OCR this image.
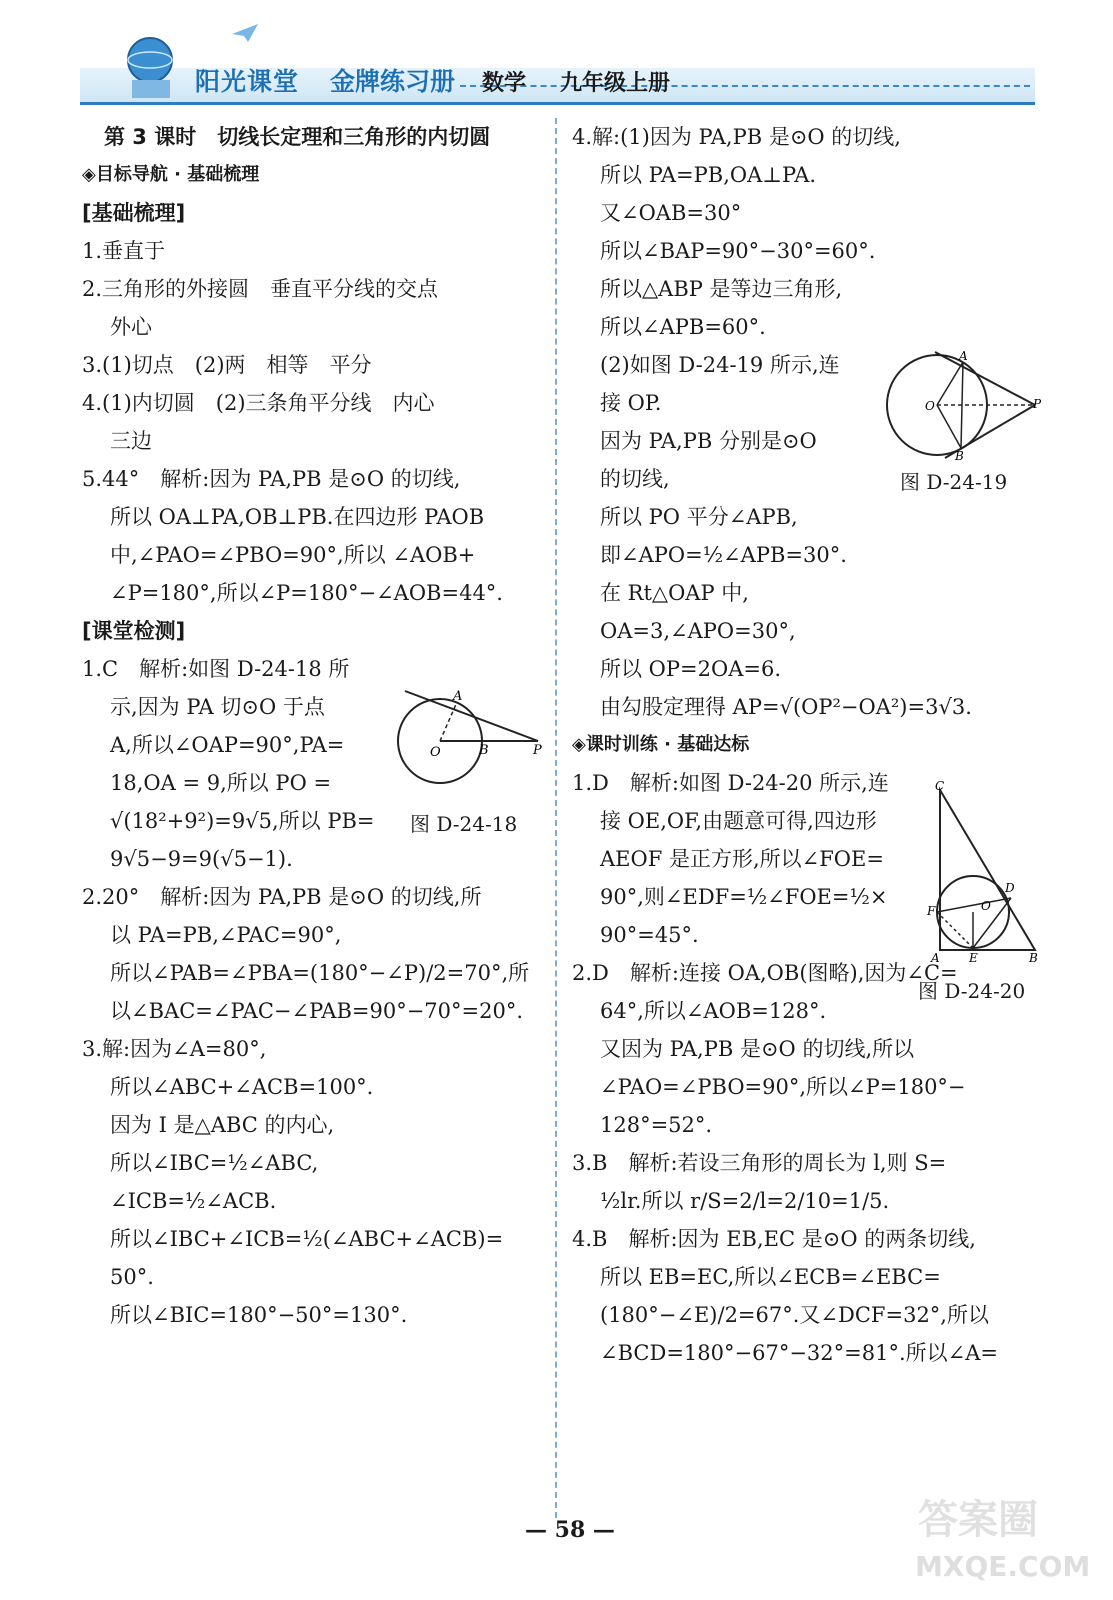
阳光课堂 金牌练习册 数学 九年级上册
第 3 课时　切线长定理和三角形的内切圆
◈目标导航 · 基础梳理
[基础梳理]
1.垂直于
2.三角形的外接圆　垂直平分线的交点
外心
3.(1)切点　(2)两　相等　平分
4.(1)内切圆　(2)三条角平分线　内心
三边
5.44°　解析:因为 PA,PB 是⊙O 的切线,
所以 OA⊥PA,OB⊥PB.在四边形 PAOB
中,∠PAO=∠PBO=90°,所以 ∠AOB+
∠P=180°,所以∠P=180°−∠AOB=44°.
[课堂检测]
1.C　解析:如图 D-24-18 所
示,因为 PA 切⊙O 于点
A,所以∠OAP=90°,PA=
18,OA = 9,所以 PO =
√(18²+9²)=9√5,所以 PB=
9√5−9=9(√5−1).
2.20°　解析:因为 PA,PB 是⊙O 的切线,所
以 PA=PB,∠PAC=90°,
所以∠PAB=∠PBA=(180°−∠P)/2=70°,所
以∠BAC=∠PAC−∠PAB=90°−70°=20°.
3.解:因为∠A=80°,
所以∠ABC+∠ACB=100°.
因为 I 是△ABC 的内心,
所以∠IBC=½∠ABC,
∠ICB=½∠ACB.
所以∠IBC+∠ICB=½(∠ABC+∠ACB)=
50°.
所以∠BIC=180°−50°=130°.
4.解:(1)因为 PA,PB 是⊙O 的切线,
所以 PA=PB,OA⊥PA.
又∠OAB=30°
所以∠BAP=90°−30°=60°.
所以△ABP 是等边三角形,
所以∠APB=60°.
(2)如图 D-24-19 所示,连
接 OP.
因为 PA,PB 分别是⊙O
的切线,
所以 PO 平分∠APB,
即∠APO=½∠APB=30°.
在 Rt△OAP 中,
OA=3,∠APO=30°,
所以 OP=2OA=6.
由勾股定理得 AP=√(OP²−OA²)=3√3.
◈课时训练 · 基础达标
1.D　解析:如图 D-24-20 所示,连
接 OE,OF,由题意可得,四边形
AEOF 是正方形,所以∠FOE=
90°,则∠EDF=½∠FOE=½×
90°=45°.
2.D　解析:连接 OA,OB(图略),因为∠C=
64°,所以∠AOB=128°.
又因为 PA,PB 是⊙O 的切线,所以
∠PAO=∠PBO=90°,所以∠P=180°−
128°=52°.
3.B　解析:若设三角形的周长为 l,则 S=
½lr.所以 r/S=2/l=2/10=1/5.
4.B　解析:因为 EB,EC 是⊙O 的两条切线,
所以 EB=EC,所以∠ECB=∠EBC=
(180°−∠E)/2=67°.又∠DCF=32°,所以
∠BCD=180°−67°−32°=81°.所以∠A=
A
O	B	P
图 D-24-18
A
O
B
P
图 D-24-19
C
D
F	O
A E	B
图 D-24-20
— 58 —	答案圈
MXQE.COM
